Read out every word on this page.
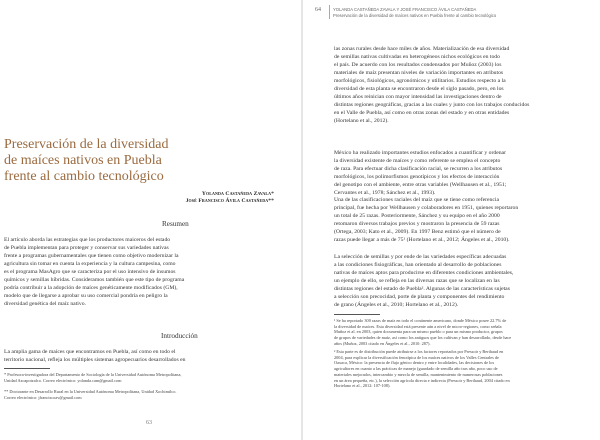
Preservación de la diversidad
de maíces nativos en Puebla
frente al cambio tecnológico
Yolanda Castañeda Zavala*
José Francisco Ávila Castañeda**
Resumen
El artículo aborda las estrategias que los productores maiceros del estado
de Puebla implementan para proteger y conservar sus variedades nativas
frente a programas gubernamentales que tienen como objetivo modernizar la
agricultura sin tomar en cuenta la experiencia y la cultura campesina, como
es el programa MasAgro que se caracteriza por el uso intensivo de insumos
químicos y semillas híbridas. Consideramos también que este tipo de programa
podría contribuir a la adopción de maíces genéticamente modificados (GM),
modelo que de llegarse a aprobar su uso comercial pondría en peligro la
diversidad genética del maíz nativo.
Introducción
La amplia gama de maíces que encontramos en Puebla, así como en todo el
territorio nacional, refleja los múltiples sistemas agropecuarios desarrollados en
* Profesora-investigadora del Departamento de Sociología de la Universidad Autónoma Metropolitana,
Unidad Azcapotzalco. Correo electrónico: yolanda.cam@gmail.com
** Doctorante en Desarrollo Rural en la Universidad Autónoma Metropolitana, Unidad Xochimilco.
Correo electrónico: jfranciscoav@gmail.com
63
64	YOLANDA CASTAÑEDA ZAVALA Y JOSÉ FRANCISCO ÁVILA CASTAÑEDA
Preservación de la diversidad de maíces nativos en Puebla frente al cambio tecnológico
las zonas rurales desde hace miles de años. Materialización de esa diversidad
de semillas nativas cultivadas en heterogéneos nichos ecológicos en todo
el país. De acuerdo con los resultados condensados por Muñoz (2003) los
materiales de maíz presentan niveles de variación importantes en atributos
morfológicos, fisiológicos, agronómicos y utilitarios. Estudios respecto a la
diversidad de esta planta se encontraron desde el siglo pasado, pero, en los
últimos años reinician con mayor intensidad las investigaciones dentro de
distintas regiones geográficas, gracias a las cuales y junto con los trabajos conducidos
en el Valle de Puebla, así como en otras zonas del estado y en otras entidades
(Hortelano et al., 2012).
México ha realizado importantes estudios enfocados a cuantificar y ordenar
la diversidad existente de maíces y como referente se emplea el concepto
de raza. Para efectuar dicha clasificación racial, se recurren a los atributos
morfológicos, los polimorfismos genotípicos y los efectos de interacción
del genotipo con el ambiente, entre otras variables (Wellhausen et al., 1951;
Cervantes et al., 1978; Sánchez et al., 1993).
Una de las clasificaciones raciales del maíz que se tiene como referencia
principal, fue hecha por Wellhausen y colaboradores en 1951, quienes reportaron
un total de 25 razas. Posteriormente, Sánchez y su equipo en el año 2000
retomaron diversos trabajos previos y mostraron la presencia de 59 razas
(Ortega, 2003; Kato et al., 2009). En 1997 Benz estimó que el número de
razas puede llegar a más de 75¹ (Hortelano et al., 2012; Ángeles et al., 2010).
La selección de semillas y por ende de las variedades específicas adecuadas
a las condiciones fisiográficas, han orientado al desarrollo de poblaciones
nativas de maíces aptos para producirse en diferentes condiciones ambientales,
un ejemplo de ello, se refleja en las diversas razas que se localizan en las
distintas regiones del estado de Puebla². Algunas de las características sujetas
a selección son precocidad, porte de planta y componentes del rendimiento
de grano (Ángeles et al., 2010; Hortelano et al., 2012).
¹ Se ha reportado 300 razas de maíz en todo el continente americano, donde México posee 22.7% de
la diversidad de maíces. Esta diversidad está presente aún a nivel de micro-regiones, como señala
Muñoz et al. en 2003, quien documenta para un mismo pueblo o para un mismo productor, grupos
de grupos de variedades de maíz, así como los antiguos que los cultivan y han desarrollado, desde hace
años (Muñoz, 2003 citado en Ángeles et al., 2010: 287).
² Esta parte es de distribución puede atribuirse a los factores reportados por Pressoir y Berthaud en
2004, para explicar la diversificación fenotípica de los maíces nativos de los Valles Centrales de
Oaxaca, México: la presencia de flujo génico dentro y entre localidades, las decisiones de los
agricultores en cuanto a las prácticas de manejo (guardado de semilla año tras año, poco uso de
materiales mejorados, intercambio y mezcla de semilla, mantenimiento de numerosas poblaciones
en un área pequeña, etc.), la selección agrícola directa e indirecta (Pressoir y Berthaud, 2004 citado en
Hortelano et al., 2012: 107-108).
